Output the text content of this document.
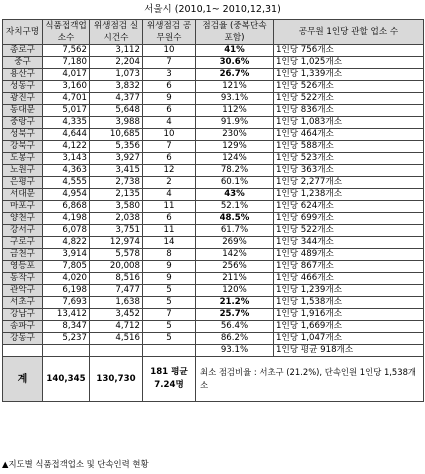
서울시 (2010,1~ 2010,12,31)
자치구명	식품접객업소수	위생점검 실시건수	위생점검 공무원수	점검율 (중복단속 포함)	공무원 1인당 관할 업소 수
종로구	7,562	3,112	10	41%	1인당 756개소
중구	7,180	2,204	7	30.6%	1인당 1,025개소
용산구	4,017	1,073	3	26.7%	1인당 1,339개소
성동구	3,160	3,832	6	121%	1인당 526개소
광진구	4,701	4,377	9	93.1%	1인당 522개소
동대문	5,017	5,648	6	112%	1인당 836개소
중랑구	4,335	3,988	4	91.9%	1인당 1,083개소
성북구	4,644	10,685	10	230%	1인당 464개소
강북구	4,122	5,356	7	129%	1인당 588개소
도봉구	3,143	3,927	6	124%	1인당 523개소
노원구	4,363	3,415	12	78.2%	1인당 363개소
은평구	4,555	2,738	2	60.1%	1인당 2,277개소
서대문	4,954	2,135	4	43%	1인당 1,238개소
마포구	6,868	3,580	11	52.1%	1인당 624개소
양천구	4,198	2,038	6	48.5%	1인당 699개소
강서구	6,078	3,751	11	61.7%	1인당 522개소
구로구	4,822	12,974	14	269%	1인당 344개소
금천구	3,914	5,578	8	142%	1인당 489개소
영등포	7,805	20,008	9	256%	1인당 867개소
동작구	4,020	8,516	9	211%	1인당 466개소
관악구	6,198	7,477	5	120%	1인당 1,239개소
서초구	7,693	1,638	5	21.2%	1인당 1,538개소
강남구	13,412	3,452	7	25.7%	1인당 1,916개소
송파구	8,347	4,712	5	56.4%	1인당 1,669개소
강동구	5,237	4,516	5	86.2%	1인당 1,047개소
				93.1%	1인당 평균 918개소
계	140,345	130,730	181 평균 7.24명	최소 점검비율 : 서초구 (21.2%), 단속인원 1인당 1,538개소	
▲지도별 식품접객업소 및 단속인력 현황
